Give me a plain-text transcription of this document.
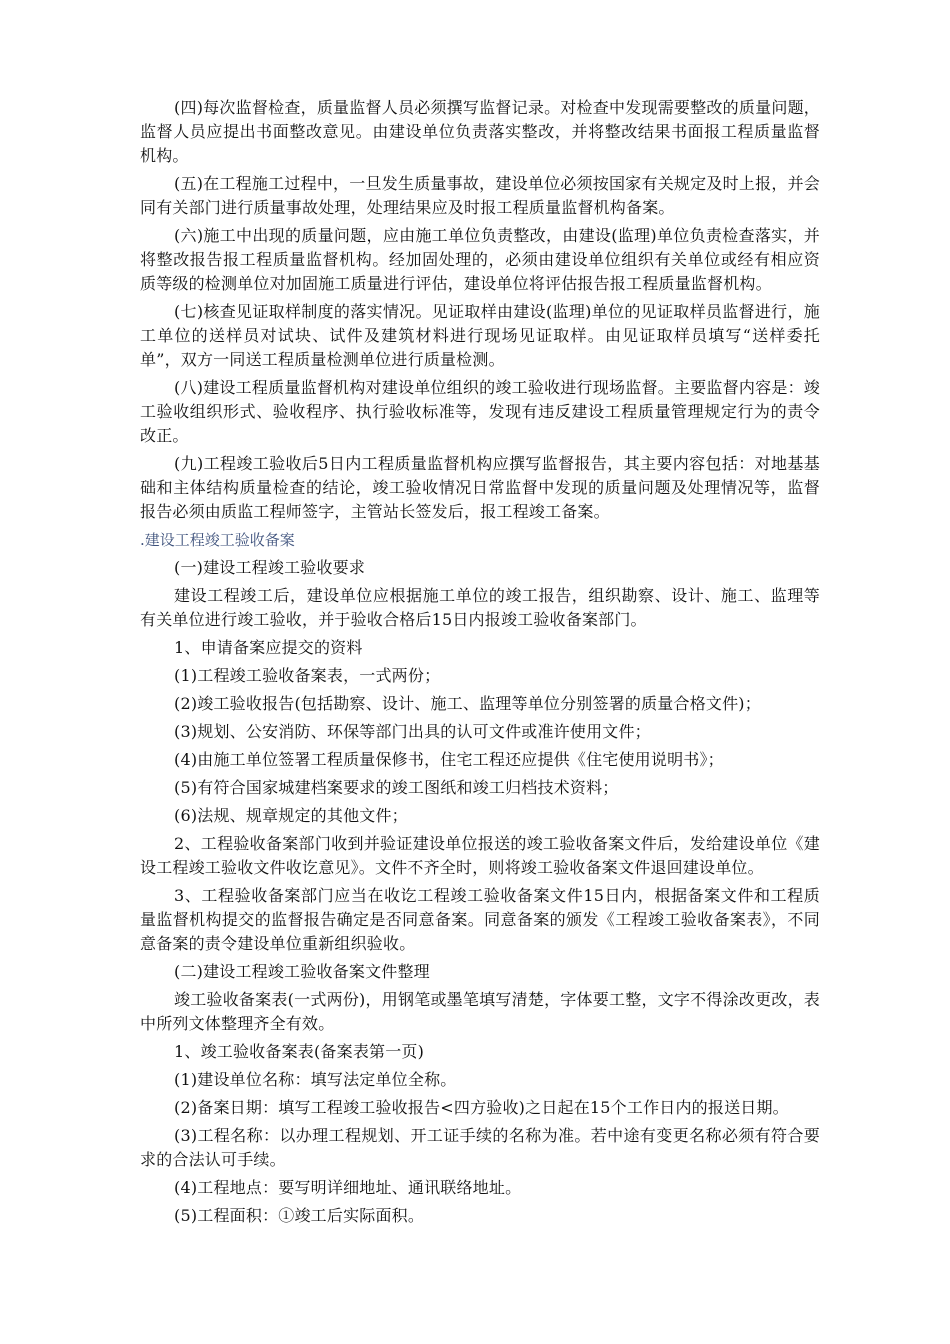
(四)每次监督检查，质量监督人员必须撰写监督记录。对检查中发现需要整改的质量问题，监督人员应提出书面整改意见。由建设单位负责落实整改，并将整改结果书面报工程质量监督机构。

(五)在工程施工过程中，一旦发生质量事故，建设单位必须按国家有关规定及时上报，并会同有关部门进行质量事故处理，处理结果应及时报工程质量监督机构备案。

(六)施工中出现的质量问题，应由施工单位负责整改，由建设(监理)单位负责检查落实，并将整改报告报工程质量监督机构。经加固处理的，必须由建设单位组织有关单位或经有相应资质等级的检测单位对加固施工质量进行评估，建设单位将评估报告报工程质量监督机构。

(七)核查见证取样制度的落实情况。见证取样由建设(监理)单位的见证取样员监督进行，施工单位的送样员对试块、试件及建筑材料进行现场见证取样。由见证取样员填写“送样委托单”，双方一同送工程质量检测单位进行质量检测。

(八)建设工程质量监督机构对建设单位组织的竣工验收进行现场监督。主要监督内容是：竣工验收组织形式、验收程序、执行验收标准等，发现有违反建设工程质量管理规定行为的责令改正。

(九)工程竣工验收后5日内工程质量监督机构应撰写监督报告，其主要内容包括：对地基基础和主体结构质量检查的结论，竣工验收情况日常监督中发现的质量问题及处理情况等，监督报告必须由质监工程师签字，主管站长签发后，报工程竣工备案。

.建设工程竣工验收备案

(一)建设工程竣工验收要求

建设工程竣工后，建设单位应根据施工单位的竣工报告，组织勘察、设计、施工、监理等有关单位进行竣工验收，并于验收合格后15日内报竣工验收备案部门。

1、申请备案应提交的资料

(1)工程竣工验收备案表，一式两份；

(2)竣工验收报告(包括勘察、设计、施工、监理等单位分别签署的质量合格文件)；

(3)规划、公安消防、环保等部门出具的认可文件或准许使用文件；

(4)由施工单位签署工程质量保修书，住宅工程还应提供《住宅使用说明书》；

(5)有符合国家城建档案要求的竣工图纸和竣工归档技术资料；

(6)法规、规章规定的其他文件；

2、工程验收备案部门收到并验证建设单位报送的竣工验收备案文件后，发给建设单位《建设工程竣工验收文件收讫意见》。文件不齐全时，则将竣工验收备案文件退回建设单位。

3、工程验收备案部门应当在收讫工程竣工验收备案文件15日内，根据备案文件和工程质量监督机构提交的监督报告确定是否同意备案。同意备案的颁发《工程竣工验收备案表》，不同意备案的责令建设单位重新组织验收。

(二)建设工程竣工验收备案文件整理

竣工验收备案表(一式两份)，用钢笔或墨笔填写清楚，字体要工整，文字不得涂改更改，表中所列文体整理齐全有效。

1、竣工验收备案表(备案表第一页)

(1)建设单位名称：填写法定单位全称。

(2)备案日期：填写工程竣工验收报告<四方验收)之日起在15个工作日内的报送日期。

(3)工程名称：以办理工程规划、开工证手续的名称为准。若中途有变更名称必须有符合要求的合法认可手续。

(4)工程地点：要写明详细地址、通讯联络地址。

(5)工程面积：①竣工后实际面积。
